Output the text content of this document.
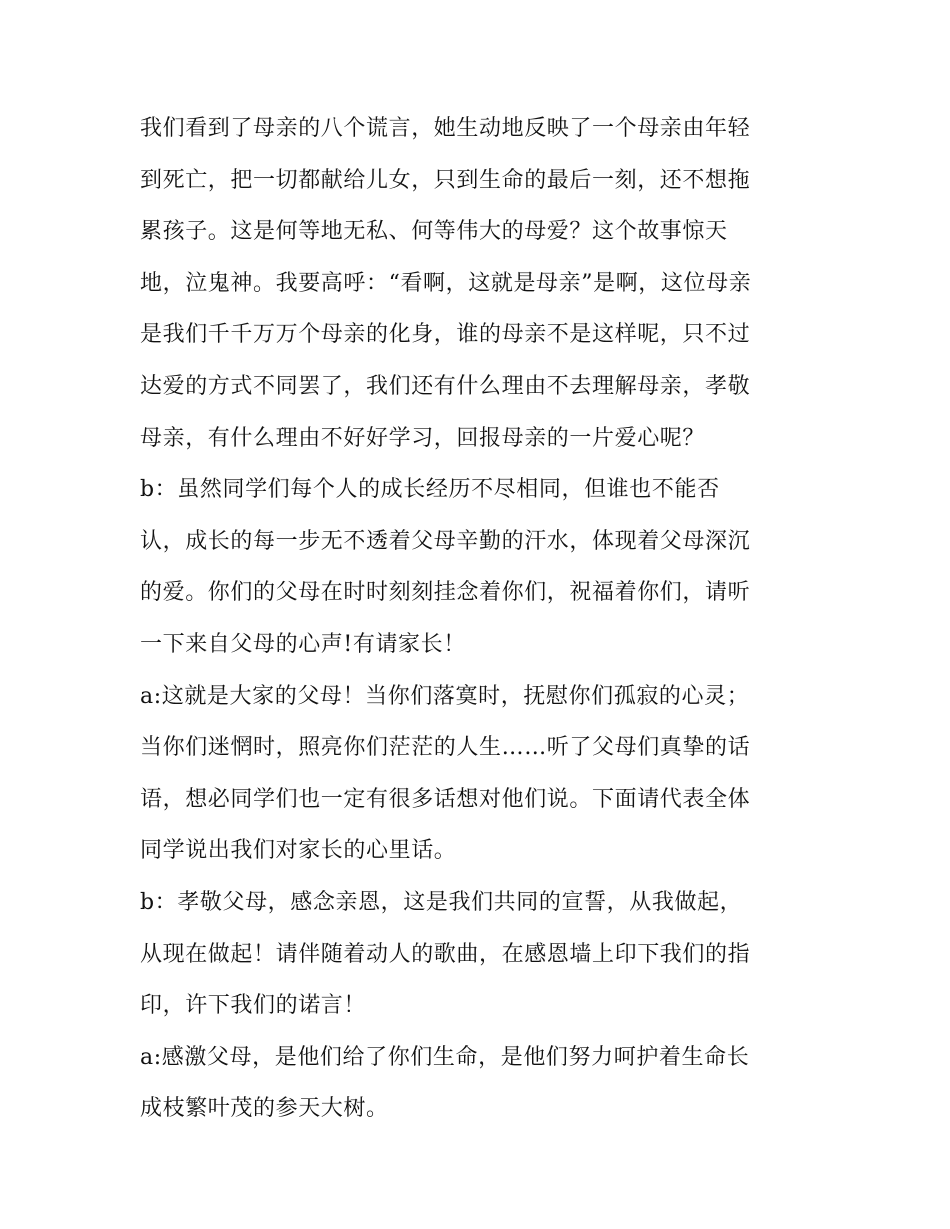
我们看到了母亲的八个谎言，她生动地反映了一个母亲由年轻
到死亡，把一切都献给儿女，只到生命的最后一刻，还不想拖
累孩子。这是何等地无私、何等伟大的母爱？这个故事惊天
地，泣鬼神。我要高呼：“看啊，这就是母亲”是啊，这位母亲
是我们千千万万个母亲的化身，谁的母亲不是这样呢，只不过
达爱的方式不同罢了，我们还有什么理由不去理解母亲，孝敬
母亲，有什么理由不好好学习，回报母亲的一片爱心呢？
b：虽然同学们每个人的成长经历不尽相同，但谁也不能否
认，成长的每一步无不透着父母辛勤的汗水，体现着父母深沉
的爱。你们的父母在时时刻刻挂念着你们，祝福着你们，请听
一下来自父母的心声!有请家长！
a:这就是大家的父母！当你们落寞时，抚慰你们孤寂的心灵；
当你们迷惘时，照亮你们茫茫的人生……听了父母们真挚的话
语，想必同学们也一定有很多话想对他们说。下面请代表全体
同学说出我们对家长的心里话。
b：孝敬父母，感念亲恩，这是我们共同的宣誓，从我做起，
从现在做起！请伴随着动人的歌曲，在感恩墙上印下我们的指
印，许下我们的诺言！
a:感激父母，是他们给了你们生命，是他们努力呵护着生命长
成枝繁叶茂的参天大树。
